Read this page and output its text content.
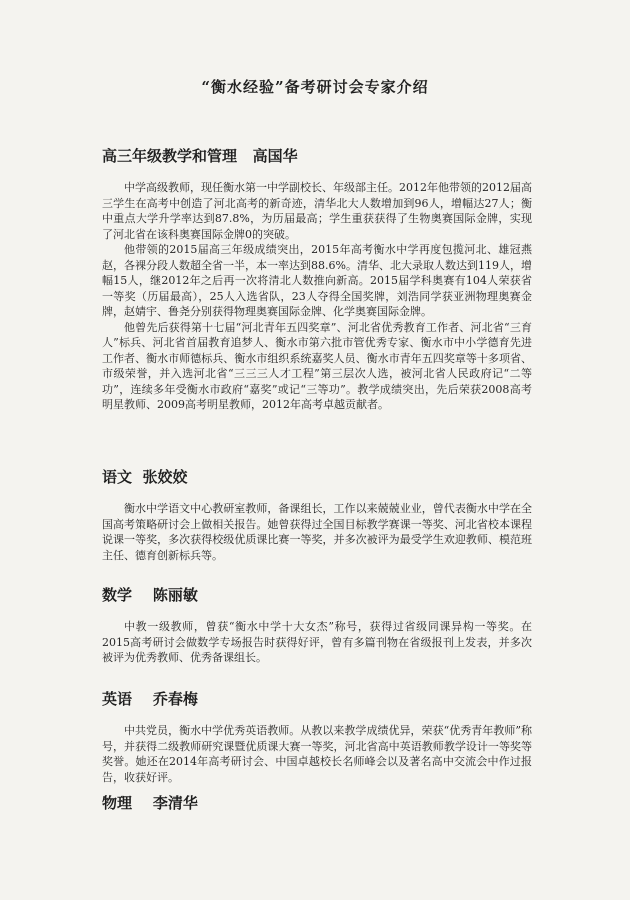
“衡水经验”备考研讨会专家介绍
高三年级教学和管理   高国华

中学高级教师，现任衡水第一中学副校长、年级部主任。2012年他带领的2012届高三学生在高考中创造了河北高考的新奇迹，清华北大人数增加到96人，增幅达27人；衡中重点大学升学率达到87.8%，为历届最高；学生重获获得了生物奥赛国际金牌，实现了河北省在该科奥赛国际金牌0的突破。

他带领的2015届高三年级成绩突出，2015年高考衡水中学再度包揽河北、雄冠燕赵，各裸分段人数超全省一半，本一率达到88.6%。清华、北大录取人数达到119人，增幅15人，继2012年之后再一次将清北人数推向新高。2015届学科奥赛有104人荣获省一等奖（历届最高），25人入选省队，23人夺得全国奖牌，刘浩同学获亚洲物理奥赛金牌，赵婧宇、鲁尧分别获得物理奥赛国际金牌、化学奥赛国际金牌。

他曾先后获得第十七届“河北青年五四奖章”、河北省优秀教育工作者、河北省“三育人”标兵、河北省首届教育追梦人、衡水市第六批市管优秀专家、衡水市中小学德育先进工作者、衡水市师德标兵、衡水市组织系统嘉奖人员、衡水市青年五四奖章等十多项省、市级荣誉，并入选河北省“三三三人才工程”第三层次人选，被河北省人民政府记“二等功”，连续多年受衡水市政府“嘉奖”或记“三等功”。教学成绩突出，先后荣获2008高考明星教师、2009高考明星教师，2012年高考卓越贡献者。

语文  张姣姣

衡水中学语文中心教研室教师，备课组长，工作以来兢兢业业，曾代表衡水中学在全国高考策略研讨会上做相关报告。她曾获得过全国目标教学赛课一等奖、河北省校本课程说课一等奖，多次获得校级优质课比赛一等奖，并多次被评为最受学生欢迎教师、模范班主任、德育创新标兵等。

数学    陈丽敏

中教一级教师，曾获“衡水中学十大女杰”称号，获得过省级同课异构一等奖。在2015高考研讨会做数学专场报告时获得好评，曾有多篇刊物在省级报刊上发表，并多次被评为优秀教师、优秀备课组长。

英语    乔春梅

中共党员，衡水中学优秀英语教师。从教以来教学成绩优异，荣获“优秀青年教师”称号，并获得二级教师研究课暨优质课大赛一等奖，河北省高中英语教师教学设计一等奖等奖誉。她还在2014年高考研讨会、中国卓越校长名师峰会以及著名高中交流会中作过报告，收获好评。

物理    李清华
